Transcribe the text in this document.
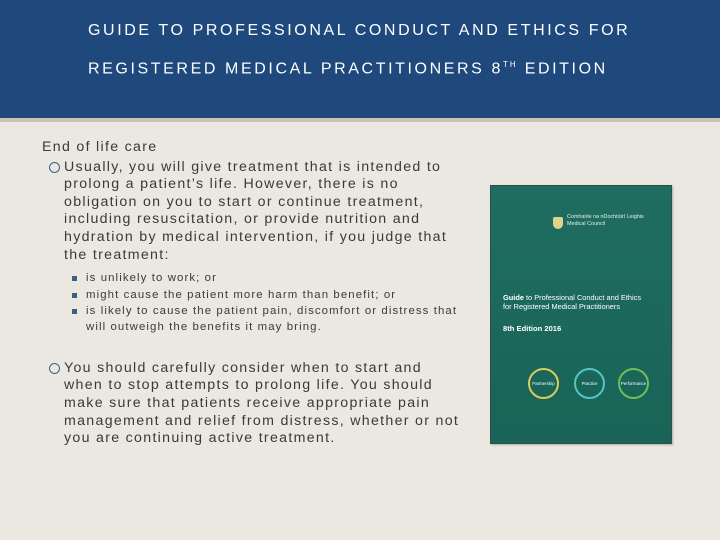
GUIDE TO PROFESSIONAL CONDUCT AND ETHICS FOR
REGISTERED MEDICAL PRACTITIONERS 8TH EDITION
End of life care
Usually, you will give treatment that is intended to prolong a patient’s life. However, there is no obligation on you to start or continue treatment, including resuscitation, or provide nutrition and hydration by medical intervention, if you judge that the treatment:
is unlikely to work; or
might cause the patient more harm than benefit; or
is likely to cause the patient pain, discomfort or distress that will outweigh the benefits it may bring.
You should carefully consider when to start and when to stop attempts to prolong life. You should make sure that patients receive appropriate pain management and relief from distress, whether or not you are continuing active treatment.
Comhairle na nDochtúirí Leighis
Medical Council
Guide to Professional Conduct and Ethics
for Registered Medical Practitioners
8th Edition 2016
Partnership	Practice	Performance
